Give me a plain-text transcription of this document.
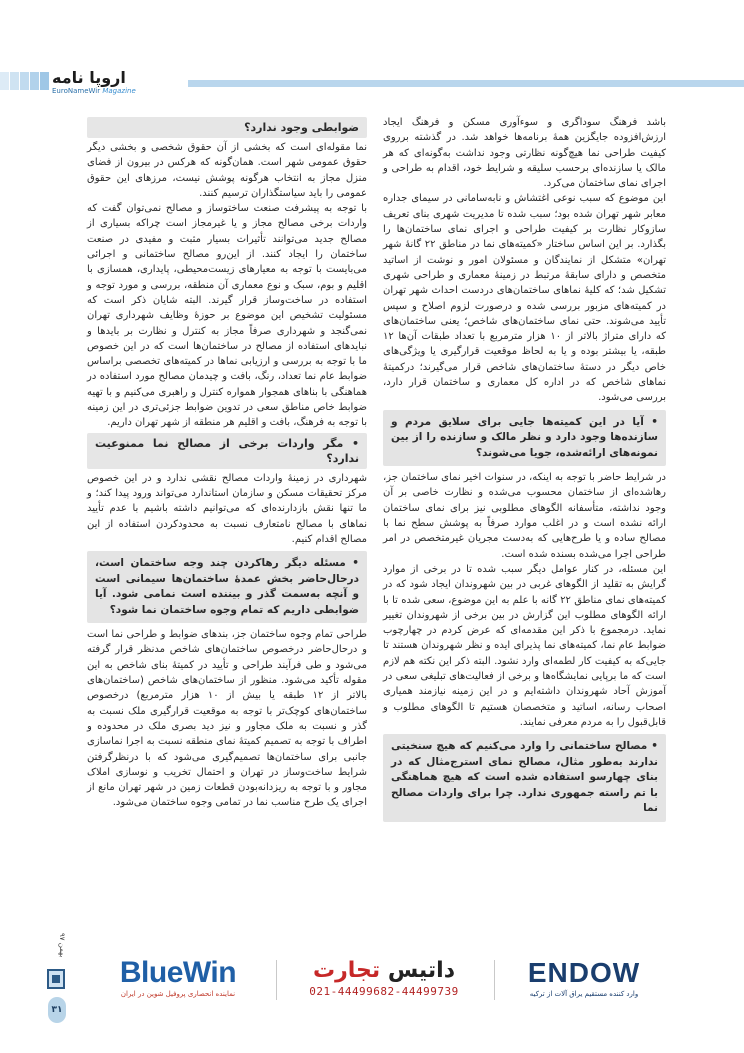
اروپا نامه
EuroNameWir Magazine

باشد فرهنگ سوداگری و سوءآوری مسکن و فرهنگ ایجاد ارزش‌افزوده جایگزین همهٔ برنامه‌ها خواهد شد. در گذشته برروی کیفیت طراحی نما هیچ‌گونه نظارتی وجود نداشت به‌گونه‌ای که هر مالک یا سازنده‌ای برحسب سلیقه و شرایط خود، اقدام به طراحی و اجرای نمای ساختمان می‌کرد.

این موضوع که سبب نوعی اغتشاش و نابه‌سامانی در سیمای جداره معابر شهر تهران شده بود؛ سبب شده تا مدیریت شهری بنای تعریف سازوکار نظارت بر کیفیت طراحی و اجرای نمای ساختمان‌ها را بگذارد. بر این اساس ساختار «کمیته‌های نما در مناطق ۲۲ گانهٔ شهر تهران» متشکل از نمایندگان و مسئولان امور و نوشت از اساتید متخصص و دارای سابقهٔ مرتبط در زمینهٔ معماری و طراحی شهری تشکیل شد؛ که کلیهٔ نماهای ساختمان‌های دردست احداث شهر تهران در کمیته‌های مزبور بررسی شده و درصورت لزوم اصلاح و سپس تأیید می‌شوند. حتی نمای ساختمان‌های شاخص؛ یعنی ساختمان‌های که دارای متراژ بالاتر از ۱۰ هزار مترمربع با تعداد طبقات آن‌ها ۱۲ طبقه، یا بیشتر بوده و یا به لحاظ موقعیت قرارگیری یا ویژگی‌های خاص دیگر در دستهٔ ساختمان‌های شاخص قرار می‌گیرند؛ درکمیتهٔ نماهای شاخص که در اداره کل معماری و ساختمان قرار دارد، بررسی می‌شود.

• آیا در این کمیته‌ها جایی برای سلایق مردم و سازنده‌ها وجود دارد و نظر مالک و سازنده را از بین نمونه‌های ارائه‌شده، جویا می‌شوند؟

در شرایط حاضر با توجه به اینکه، در سنوات اخیر نمای ساختمان جز، رهاشده‌ای از ساختمان محسوب می‌شده و نظارت خاصی بر آن وجود نداشته، متأسفانه الگوهای مطلوبی نیز برای نمای ساختمان ارائه نشده است و در اغلب موارد صرفاً به پوشش سطح نما با مصالح ساده و یا طرح‌هایی که به‌دست مجریان غیرمتخصص در امر طراحی اجرا می‌شده بسنده شده است.

این مسئله، در کنار عوامل دیگر سبب شده تا در برخی از موارد گرایش به تقلید از الگوهای غربی در بین شهروندان ایجاد شود که در کمیته‌های نمای مناطق ۲۲ گانه با علم به این موضوع، سعی شده تا با ارائه الگوهای مطلوب این گزارش در بین برخی از شهروندان تغییر نماید. درمجموع با ذکر این مقدمه‌ای که عرض کردم در چهارچوب ضوابط عام نما، کمیته‌های نما پذیرای ایده و نظر شهروندان هستند تا جایی‌که به کیفیت کار لطمه‌ای وارد نشود. البته ذکر این نکته هم لازم است که ما برپایی نمایشگاه‌ها و برخی از فعالیت‌های تبلیغی سعی در آموزش آحاد شهروندان داشته‌ایم و در این زمینه نیازمند همیاری اصحاب رسانه، اساتید و متخصصان هستیم تا الگوهای مطلوب و قابل‌قبول را به مردم معرفی نمایند.

• مصالح ساختمانی را وارد می‌کنیم که هیچ سنخیتی ندارند به‌طور مثال، مصالح نمای استرج‌مثال که در بنای چهارسو استفاده شده است که هیچ هماهنگی با تم راسته جمهوری ندارد. چرا برای واردات مصالح نما
ضوابطی وجود ندارد؟

نما مقوله‌ای است که بخشی از آن حقوق شخصی و بخشی دیگر حقوق عمومی شهر است. همان‌گونه که هرکس در بیرون از فضای منزل مجاز به انتخاب هرگونه پوشش نیست، مرزهای این حقوق عمومی را باید سیاستگذاران ترسیم کنند.

با توجه به پیشرفت صنعت ساختوساز و مصالح نمی‌توان گفت که واردات برخی مصالح مجاز و یا غیرمجاز است چراکه بسیاری از مصالح جدید می‌توانند تأثیرات بسیار مثبت و مفیدی در صنعت ساختمان را ایجاد کنند. از این‌رو مصالح ساختمانی و اجرائی می‌بایست با توجه به معیارهای زیست‌محیطی، پایداری، همسازی با اقلیم و بوم، سبک و نوع معماری آن منطقه، بررسی و مورد توجه و استفاده در ساخت‌وساز قرار گیرند. البته شایان ذکر است که مسئولیت تشخیص این موضوع بر حوزهٔ وظایف شهرداری تهران نمی‌گنجد و شهرداری صرفاً مجاز به کنترل و نظارت بر بایدها و نبایدهای استفاده از مصالح در ساختمان‌ها است که در این خصوص ما با توجه به بررسی و ارزیابی نماها در کمیته‌های تخصصی براساس ضوابط عام نما تعداد، رنگ، بافت و چیدمان مصالح مورد استفاده در هماهنگی با بناهای همجوار همواره کنترل و راهبری می‌کنیم و با تهیه ضوابط خاص مناطق سعی در تدوین ضوابط جزئی‌تری در این زمینه با توجه به فرهنگ، بافت و اقلیم هر منطقه از شهر تهران داریم.

• مگر واردات برخی از مصالح نما ممنوعیت ندارد؟

شهرداری در زمینهٔ واردات مصالح نقشی ندارد و در این خصوص مرکز تحقیقات مسکن و سازمان استاندارد می‌تواند ورود پیدا کند؛ و ما تنها نقش بازدارنده‌ای که می‌توانیم داشته باشیم با عدم تأیید نماهای با مصالح نامتعارف نسبت به محدودکردن استفاده از این مصالح اقدام کنیم.

• مسئله دیگر رهاکردن چند وجه ساختمان است، درحال‌حاضر بخش عمدهٔ ساختمان‌ها سیمانی است و آنچه به‌سمت گذر و بیننده است نمامی شود. آیا ضوابطی داریم که تمام وجوه ساختمان نما شود؟

طراحی تمام وجوه ساختمان جز، بندهای ضوابط و طراحی نما است و درحال‌حاضر درخصوص ساختمان‌های شاخص مدنظر قرار گرفته می‌شود و طی فرآیند طراحی و تأیید در کمیتهٔ بنای شاخص به این مقوله تأکید می‌شود. منظور از ساختمان‌های شاخص (ساختمان‌های بالاتر از ۱۲ طبقه یا بیش از ۱۰ هزار مترمربع) درخصوص ساختمان‌های کوچک‌تر با توجه به موقعیت قرارگیری ملک نسبت به گذر و نسبت به ملک مجاور و نیز دید بصری ملک در محدوده و اطراف با توجه به تصمیم کمیتهٔ نمای منطقه نسبت به اجرا نماسازی جانبی برای ساختمان‌ها تصمیم‌گیری می‌شود که با درنظرگرفتن شرایط ساخت‌وساز در تهران و احتمال تخریب و نوسازی املاک مجاور و با توجه به ریزدانه‌بودن قطعات زمین در شهر تهران مانع از اجرای یک طرح مناسب نما در تمامی وجوه ساختمان می‌شود.

بهمن ۹۷
۳۱
BlueWin
نماینده انحصاری پروفیل شوین در ایران
داتیس تجارت
021-44499682-44499739
ENDOW
وارد کننده مستقیم یراق آلات از ترکیه
